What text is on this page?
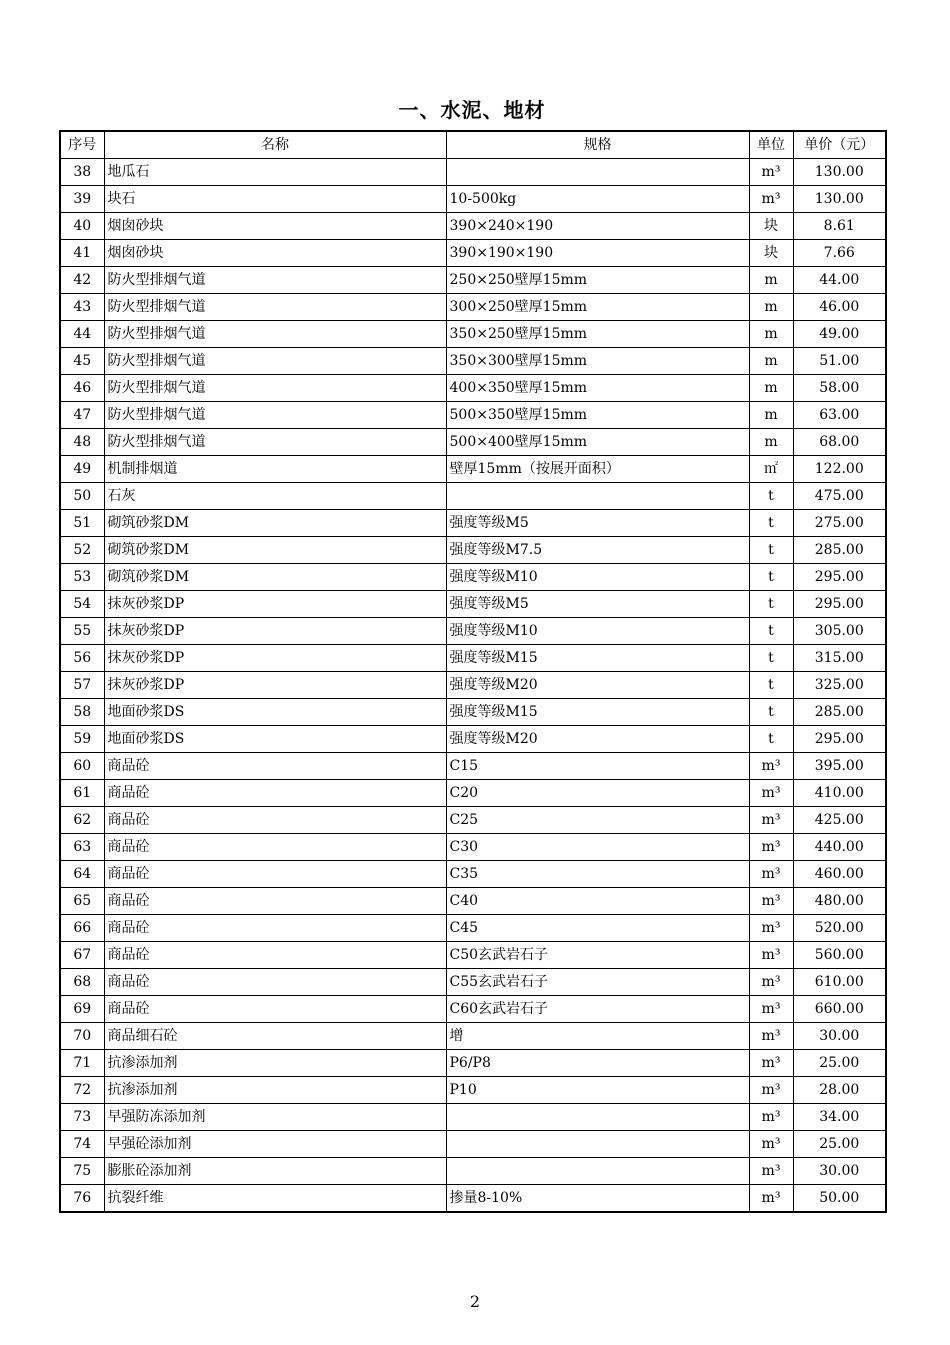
一、水泥、地材
序号	名称	规格	单位	单价（元）
38	地瓜石		m³	130.00
39	块石	10-500kg	m³	130.00
40	烟囱砂块	390×240×190	块	8.61
41	烟囱砂块	390×190×190	块	7.66
42	防火型排烟气道	250×250壁厚15mm	m	44.00
43	防火型排烟气道	300×250壁厚15mm	m	46.00
44	防火型排烟气道	350×250壁厚15mm	m	49.00
45	防火型排烟气道	350×300壁厚15mm	m	51.00
46	防火型排烟气道	400×350壁厚15mm	m	58.00
47	防火型排烟气道	500×350壁厚15mm	m	63.00
48	防火型排烟气道	500×400壁厚15mm	m	68.00
49	机制排烟道	壁厚15mm（按展开面积）	㎡	122.00
50	石灰		t	475.00
51	砌筑砂浆DM	强度等级M5	t	275.00
52	砌筑砂浆DM	强度等级M7.5	t	285.00
53	砌筑砂浆DM	强度等级M10	t	295.00
54	抹灰砂浆DP	强度等级M5	t	295.00
55	抹灰砂浆DP	强度等级M10	t	305.00
56	抹灰砂浆DP	强度等级M15	t	315.00
57	抹灰砂浆DP	强度等级M20	t	325.00
58	地面砂浆DS	强度等级M15	t	285.00
59	地面砂浆DS	强度等级M20	t	295.00
60	商品砼	C15	m³	395.00
61	商品砼	C20	m³	410.00
62	商品砼	C25	m³	425.00
63	商品砼	C30	m³	440.00
64	商品砼	C35	m³	460.00
65	商品砼	C40	m³	480.00
66	商品砼	C45	m³	520.00
67	商品砼	C50玄武岩石子	m³	560.00
68	商品砼	C55玄武岩石子	m³	610.00
69	商品砼	C60玄武岩石子	m³	660.00
70	商品细石砼	增	m³	30.00
71	抗渗添加剂	P6/P8	m³	25.00
72	抗渗添加剂	P10	m³	28.00
73	早强防冻添加剂		m³	34.00
74	早强砼添加剂		m³	25.00
75	膨胀砼添加剂		m³	30.00
76	抗裂纤维	掺量8-10%	m³	50.00
2
